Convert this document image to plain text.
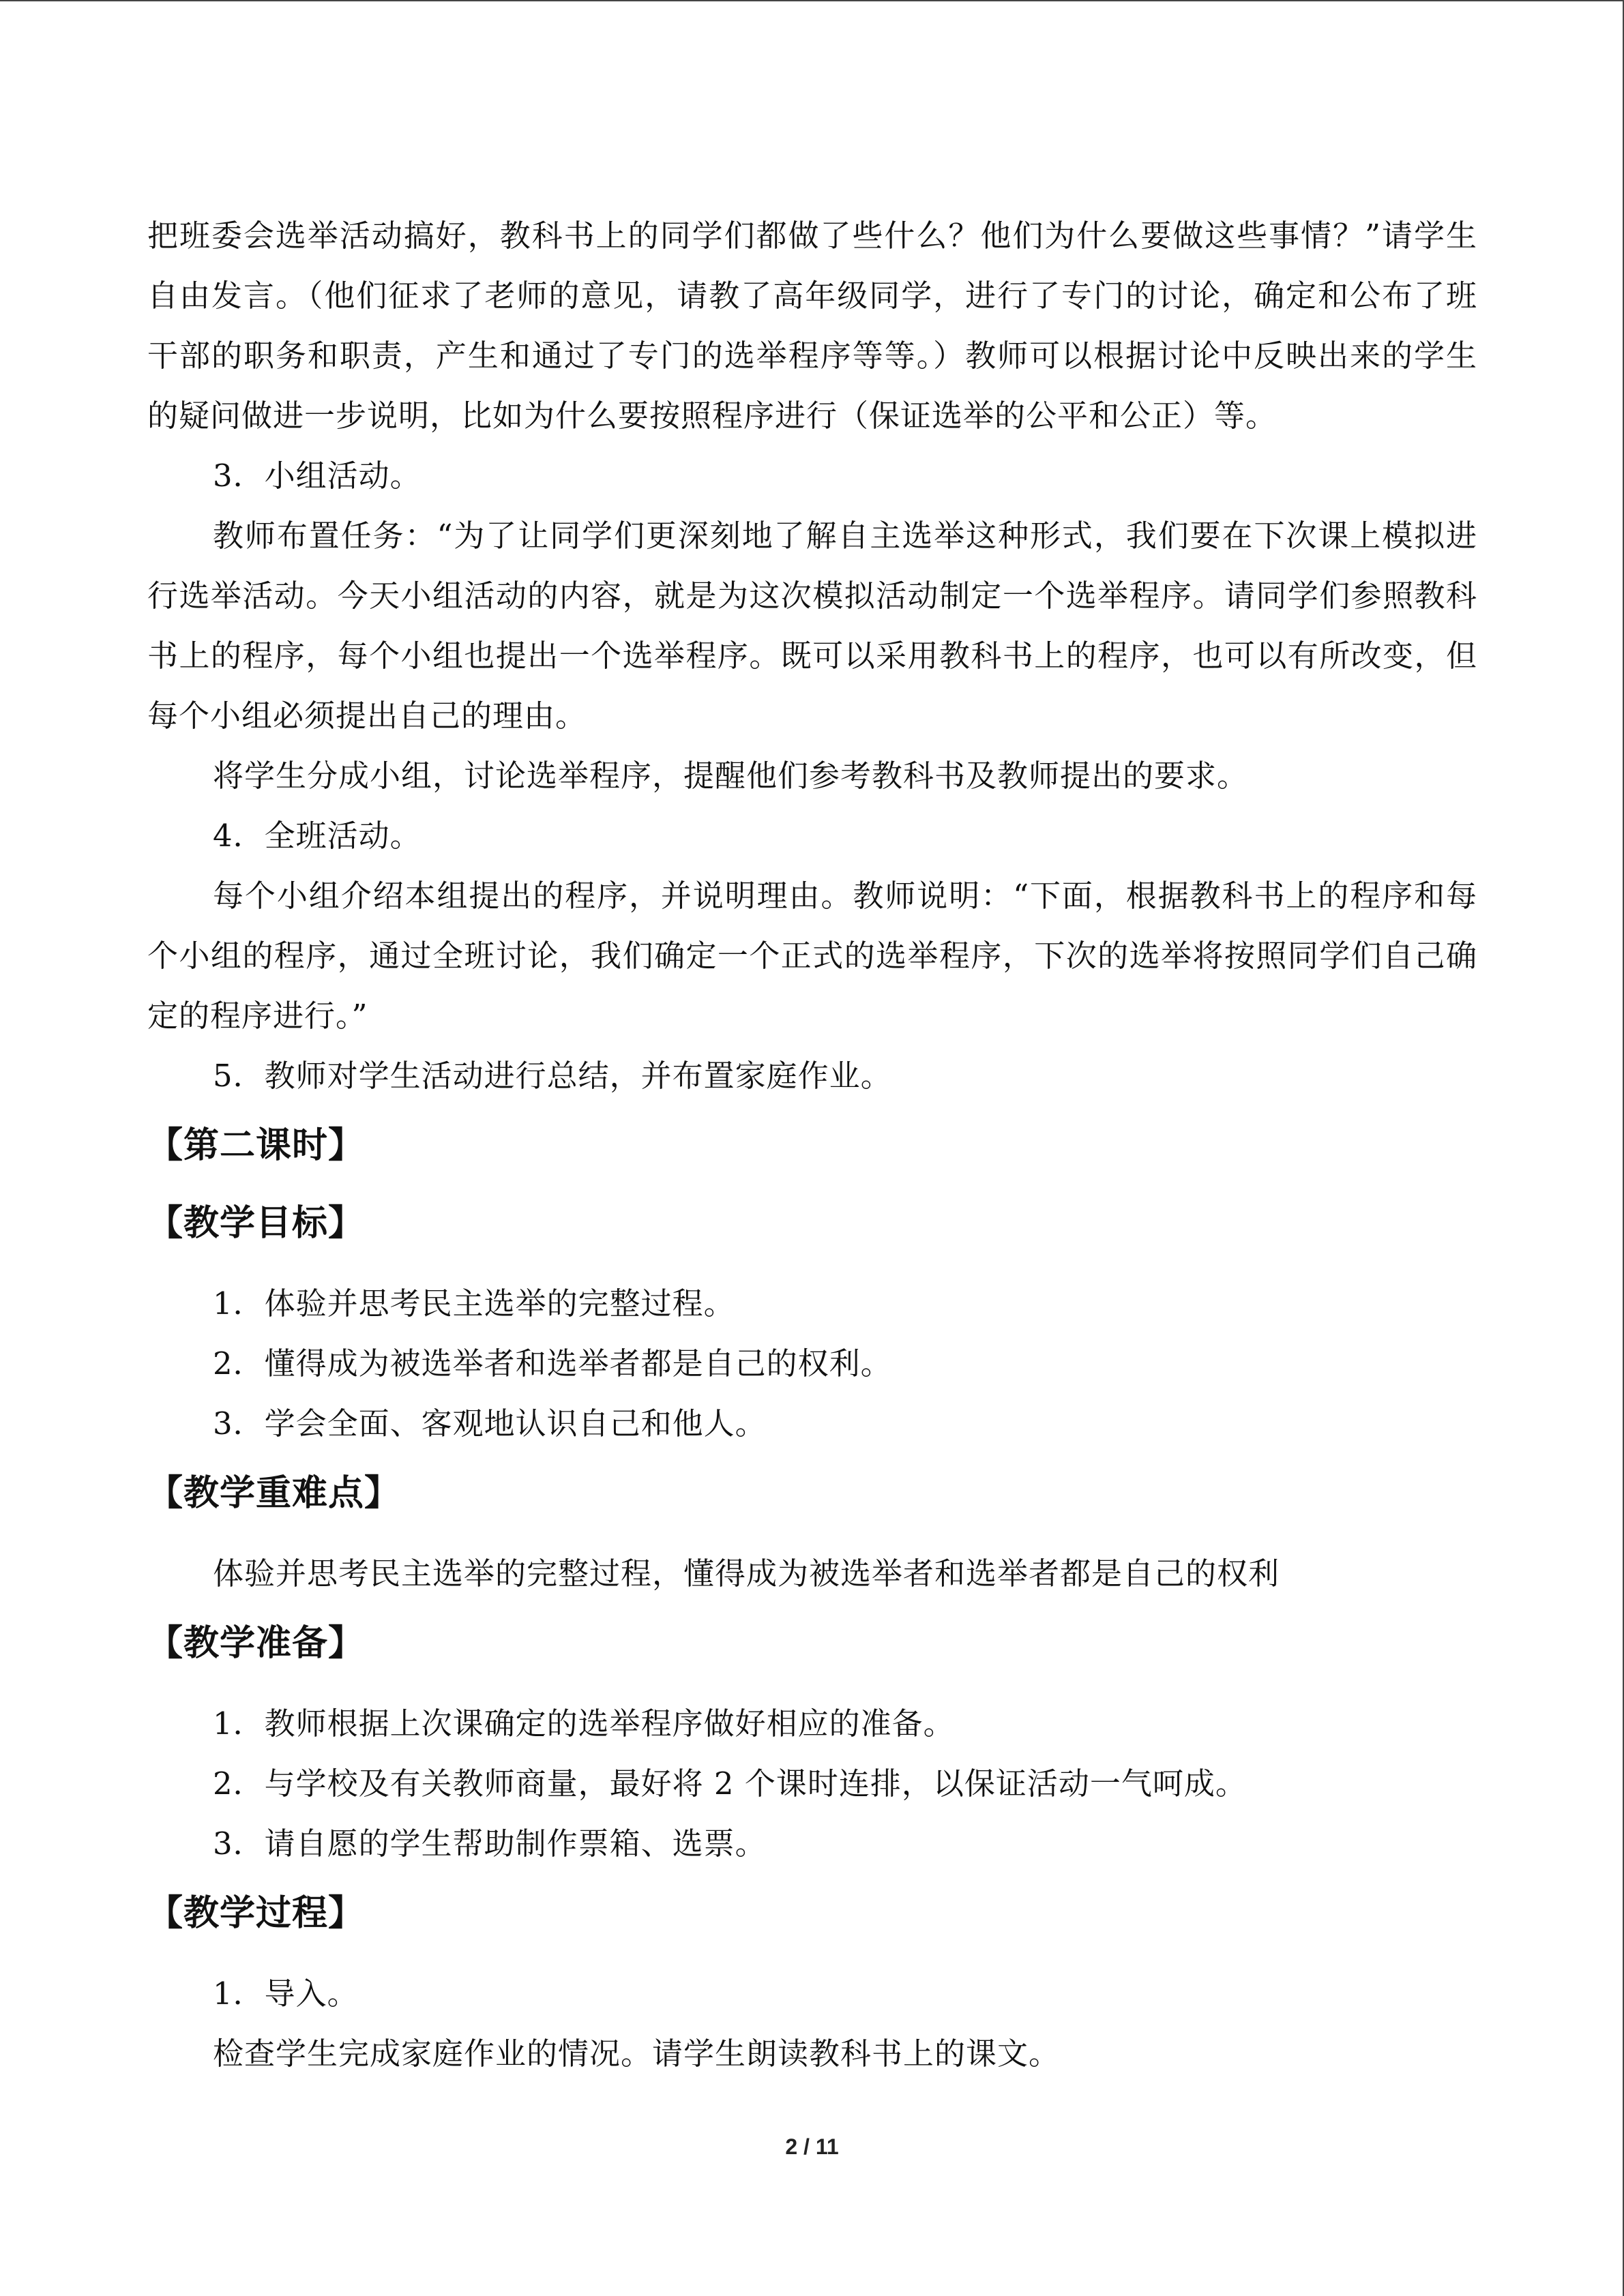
把班委会选举活动搞好，教科书上的同学们都做了些什么？他们为什么要做这些事情？”请学生自由发言。（他们征求了老师的意见，请教了高年级同学，进行了专门的讨论，确定和公布了班干部的职务和职责，产生和通过了专门的选举程序等等。）教师可以根据讨论中反映出来的学生的疑问做进一步说明，比如为什么要按照程序进行（保证选举的公平和公正）等。

3．小组活动。

教师布置任务：“为了让同学们更深刻地了解自主选举这种形式，我们要在下次课上模拟进行选举活动。今天小组活动的内容，就是为这次模拟活动制定一个选举程序。请同学们参照教科书上的程序，每个小组也提出一个选举程序。既可以采用教科书上的程序，也可以有所改变，但每个小组必须提出自己的理由。

将学生分成小组，讨论选举程序，提醒他们参考教科书及教师提出的要求。

4．全班活动。

每个小组介绍本组提出的程序，并说明理由。教师说明：“下面，根据教科书上的程序和每个小组的程序，通过全班讨论，我们确定一个正式的选举程序，下次的选举将按照同学们自己确定的程序进行。”

5．教师对学生活动进行总结，并布置家庭作业。

【第二课时】
【教学目标】

1．体验并思考民主选举的完整过程。

2．懂得成为被选举者和选举者都是自己的权利。

3．学会全面、客观地认识自己和他人。

【教学重难点】

体验并思考民主选举的完整过程，懂得成为被选举者和选举者都是自己的权利

【教学准备】

1．教师根据上次课确定的选举程序做好相应的准备。

2．与学校及有关教师商量，最好将 2 个课时连排，以保证活动一气呵成。

3．请自愿的学生帮助制作票箱、选票。

【教学过程】

1．导入。

检查学生完成家庭作业的情况。请学生朗读教科书上的课文。

2 / 11
